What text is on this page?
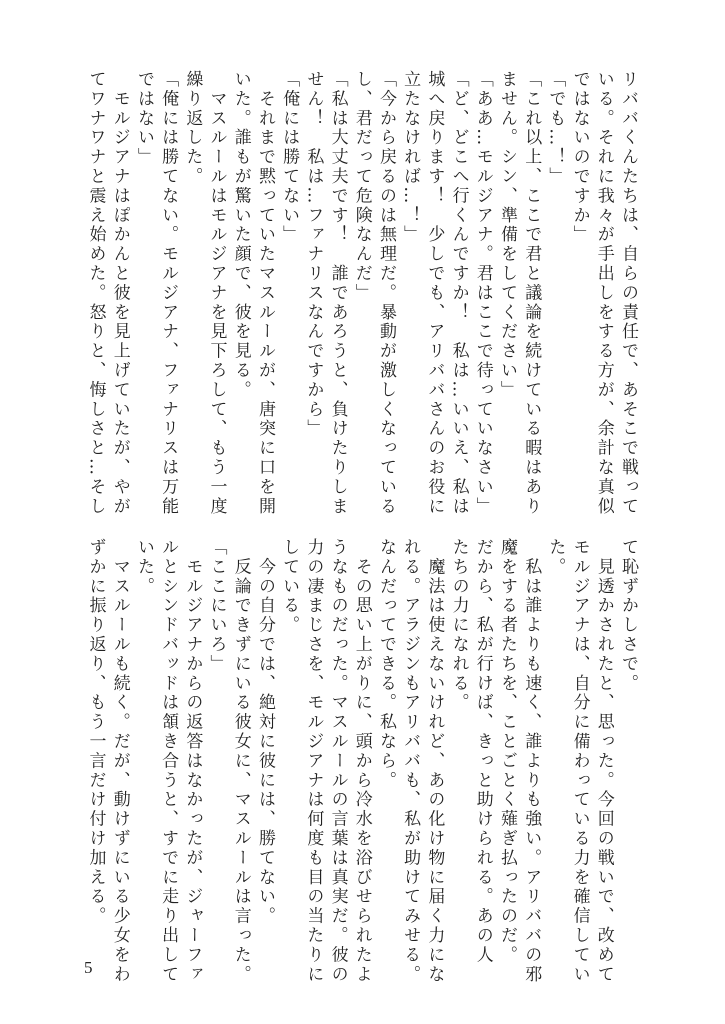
リババくんたちは、自らの責任で、あそこで戦って
いる。それに我々が手出しをする方が、余計な真似
ではないのですか」
「でも…！」
「これ以上、ここで君と議論を続けている暇はあり
ません。シン、準備をしてください」
「ああ…モルジアナ。君はここで待っていなさい」
「ど、どこへ行くんですか！　私は…いいえ、私は
城へ戻ります！　少しでも、アリババさんのお役に
立たなければ…！」
「今から戻るのは無理だ。暴動が激しくなっている
し、君だって危険なんだ」
「私は大丈夫です！　誰であろうと、負けたりしま
せん！　私は…ファナリスなんですから」
「俺には勝てない」
　それまで黙っていたマスルールが、唐突に口を開
いた。誰もが驚いた顔で、彼を見る。
　マスルールはモルジアナを見下ろして、もう一度
繰り返した。
「俺には勝てない。モルジアナ、ファナリスは万能
ではない」
　モルジアナはぽかんと彼を見上げていたが、やが
てワナワナと震え始めた。怒りと、悔しさと…そし
て恥ずかしさで。
　見透かされたと、思った。今回の戦いで、改めて
モルジアナは、自分に備わっている力を確信してい
た。
　私は誰よりも速く、誰よりも強い。アリババの邪
魔をする者たちを、ことごとく薙ぎ払ったのだ。
だから、私が行けば、きっと助けられる。あの人
たちの力になれる。
　魔法は使えないけれど、あの化け物に届く力にな
れる。アラジンもアリババも、私が助けてみせる。
なんだってできる。私なら。
　その思い上がりに、頭から冷水を浴びせられたよ
うなものだった。マスルールの言葉は真実だ。彼の
力の凄まじさを、モルジアナは何度も目の当たりに
している。
　今の自分では、絶対に彼には、勝てない。
　反論できずにいる彼女に、マスルールは言った。
「ここにいろ」
　モルジアナからの返答はなかったが、ジャーファ
ルとシンドバッドは頷き合うと、すでに走り出して
いた。
　マスルールも続く。だが、動けずにいる少女をわ
ずかに振り返り、もう一言だけ付け加える。
5
